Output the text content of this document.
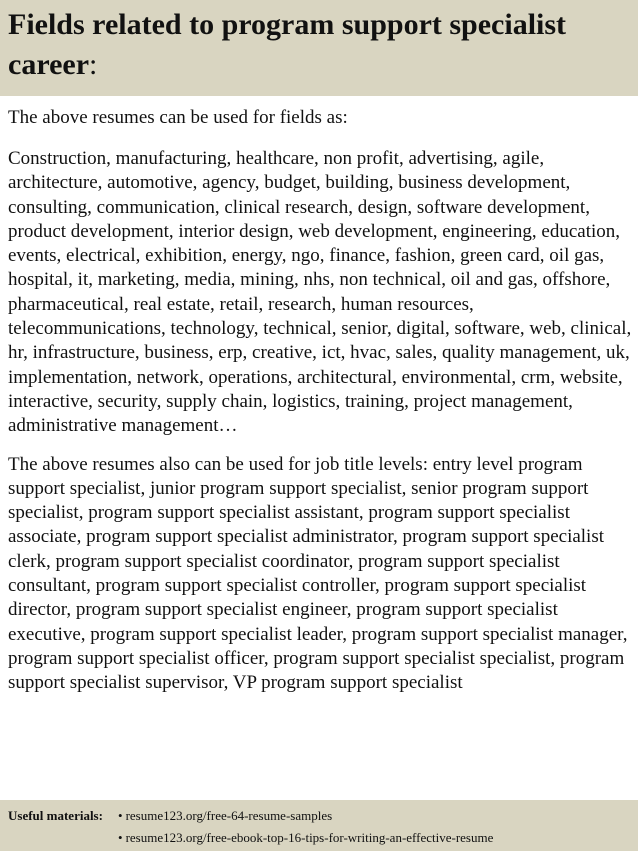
Fields related to program support specialist career:

The above resumes can be used for fields as:

Construction, manufacturing, healthcare, non profit, advertising, agile, architecture, automotive, agency, budget, building, business development, consulting, communication, clinical research, design, software development, product development, interior design, web development, engineering, education, events, electrical, exhibition, energy, ngo, finance, fashion, green card, oil gas, hospital, it, marketing, media, mining, nhs, non technical, oil and gas, offshore, pharmaceutical, real estate, retail, research, human resources, telecommunications, technology, technical, senior, digital, software, web, clinical, hr, infrastructure, business, erp, creative, ict, hvac, sales, quality management, uk, implementation, network, operations, architectural, environmental, crm, website, interactive, security, supply chain, logistics, training, project management, administrative management…

The above resumes also can be used for job title levels: entry level program support specialist, junior program support specialist, senior program support specialist, program support specialist assistant, program support specialist associate, program support specialist administrator, program support specialist clerk, program support specialist coordinator, program support specialist consultant, program support specialist controller, program support specialist director, program support specialist engineer, program support specialist executive, program support specialist leader, program support specialist manager, program support specialist officer, program support specialist specialist, program support specialist supervisor, VP program support specialist

Useful materials: • resume123.org/free-64-resume-samples
• resume123.org/free-ebook-top-16-tips-for-writing-an-effective-resume
